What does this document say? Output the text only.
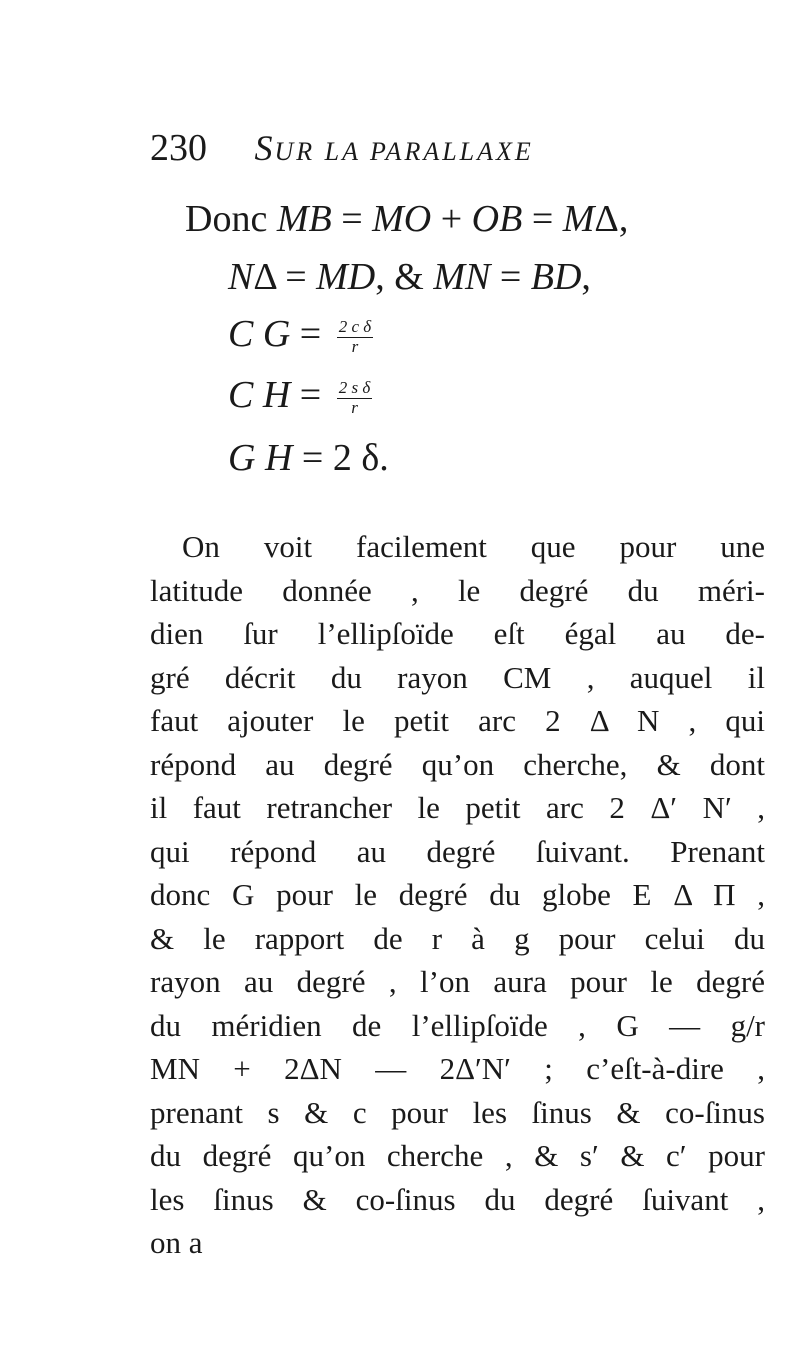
230 SUR LA PARALLAXE
Donc MB = MO + OB = MΔ,
NΔ = MD, & MN = BD,
C $G = \frac{\text{2 c δ}}{r}$
C $H = \frac{\text{2 s δ}}{r}$
G H = 2 δ.
On voit facilement que pour une
latitude donnée , le degré du méri-
dien ſur l’ellipſoïde eſt égal au de-
gré décrit du rayon CM , auquel il
faut ajouter le petit arc 2 Δ N , qui
répond au degré qu’on cherche, & dont
il faut retrancher le petit arc 2 Δ′ N′ ,
qui répond au degré ſuivant. Prenant
donc G pour le degré du globe E Δ Π ,
& le rapport de r à g pour celui du
rayon au degré , l’on aura pour le degré
du méridien de l’ellipſoïde , G — g/r
MN + 2ΔN — 2Δ′N′ ; c’eſt-à-dire ,
prenant s & c pour les ſinus & co-ſinus
du degré qu’on cherche , & s′ & c′ pour
les ſinus & co-ſinus du degré ſuivant ,
on a
